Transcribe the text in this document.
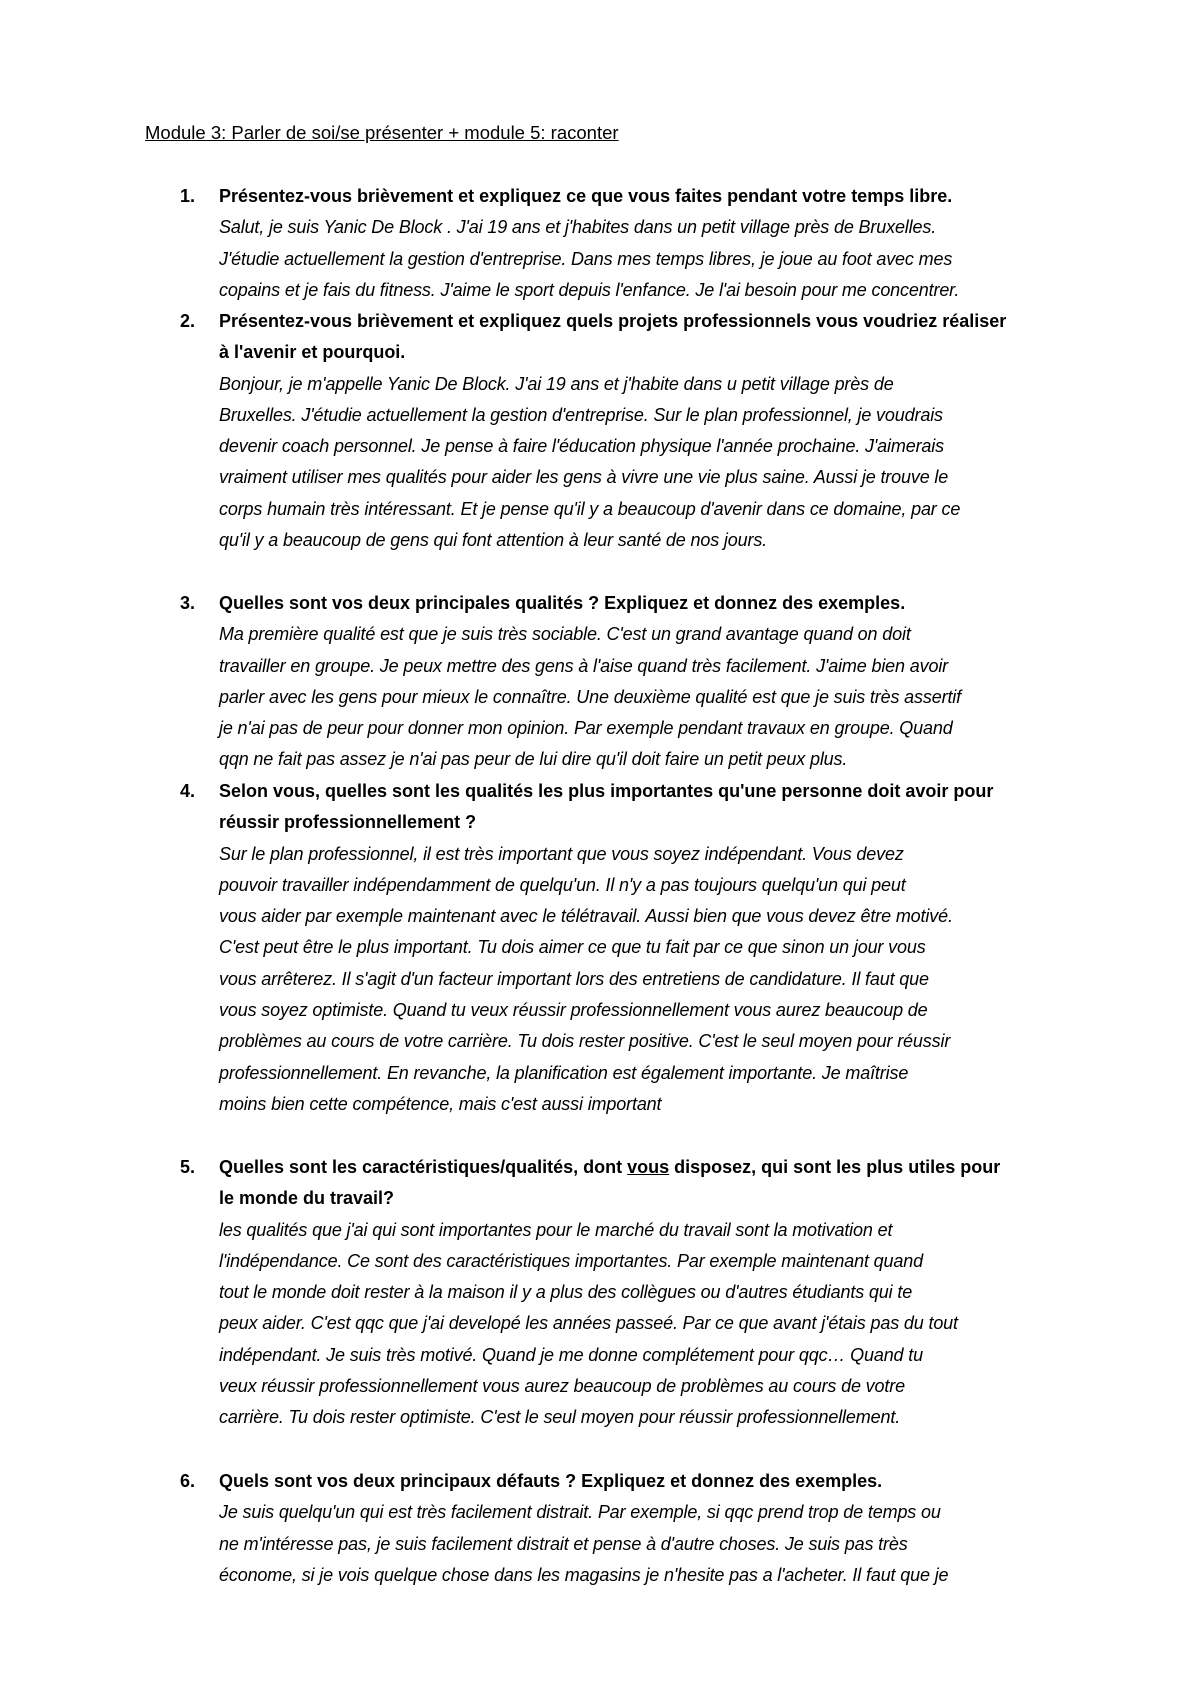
Module 3: Parler de soi/se présenter + module 5: raconter
1. Présentez-vous brièvement et expliquez ce que vous faites pendant votre temps libre.

Salut, je suis Yanic De Block . J'ai 19 ans et j'habites dans un petit village près de Bruxelles.
J'étudie actuellement la gestion d'entreprise. Dans mes temps libres, je joue au foot avec mes
copains et je fais du fitness. J'aime le sport depuis l'enfance. Je l'ai besoin pour me concentrer.

2. Présentez-vous brièvement et expliquez quels projets professionnels vous voudriez réaliser
à l'avenir et pourquoi.

Bonjour, je m'appelle Yanic De Block. J'ai 19 ans et j'habite dans u petit village près de
Bruxelles. J'étudie actuellement la gestion d'entreprise. Sur le plan professionnel, je voudrais
devenir coach personnel. Je pense à faire l'éducation physique l'année prochaine. J'aimerais
vraiment utiliser mes qualités pour aider les gens à vivre une vie plus saine. Aussi je trouve le
corps humain très intéressant. Et je pense qu'il y a beaucoup d'avenir dans ce domaine, par ce
qu'il y a beaucoup de gens qui font attention à leur santé de nos jours.

3. Quelles sont vos deux principales qualités ? Expliquez et donnez des exemples.

Ma première qualité est que je suis très sociable. C'est un grand avantage quand on doit
travailler en groupe. Je peux mettre des gens à l'aise quand très facilement. J'aime bien avoir
parler avec les gens pour mieux le connaître. Une deuxième qualité est que je suis très assertif
je n'ai pas de peur pour donner mon opinion. Par exemple pendant travaux en groupe. Quand
qqn ne fait pas assez je n'ai pas peur de lui dire qu'il doit faire un petit peux plus.

4. Selon vous, quelles sont les qualités les plus importantes qu'une personne doit avoir pour
réussir professionnellement ?

Sur le plan professionnel, il est très important que vous soyez indépendant. Vous devez
pouvoir travailler indépendamment de quelqu'un. Il n'y a pas toujours quelqu'un qui peut
vous aider par exemple maintenant avec le télétravail. Aussi bien que vous devez être motivé.
C'est peut être le plus important. Tu dois aimer ce que tu fait par ce que sinon un jour vous
vous arrêterez. Il s'agit d'un facteur important lors des entretiens de candidature. Il faut que
vous soyez optimiste. Quand tu veux réussir professionnellement vous aurez beaucoup de
problèmes au cours de votre carrière. Tu dois rester positive. C'est le seul moyen pour réussir
professionnellement. En revanche, la planification est également importante. Je maîtrise
moins bien cette compétence, mais c'est aussi important

5. Quelles sont les caractéristiques/qualités, dont vous disposez, qui sont les plus utiles pour
le monde du travail?

les qualités que j'ai qui sont importantes pour le marché du travail sont la motivation et
l'indépendance. Ce sont des caractéristiques importantes. Par exemple maintenant quand
tout le monde doit rester à la maison il y a plus des collègues ou d'autres étudiants qui te
peux aider. C'est qqc que j'ai developé les années passeé. Par ce que avant j'étais pas du tout
indépendant. Je suis très motivé. Quand je me donne complétement pour qqc… Quand tu
veux réussir professionnellement vous aurez beaucoup de problèmes au cours de votre
carrière. Tu dois rester optimiste. C'est le seul moyen pour réussir professionnellement.

6. Quels sont vos deux principaux défauts ? Expliquez et donnez des exemples.

Je suis quelqu'un qui est très facilement distrait. Par exemple, si qqc prend trop de temps ou
ne m'intéresse pas, je suis facilement distrait et pense à d'autre choses. Je suis pas très
économe, si je vois quelque chose dans les magasins je n'hesite pas a l'acheter. Il faut que je
